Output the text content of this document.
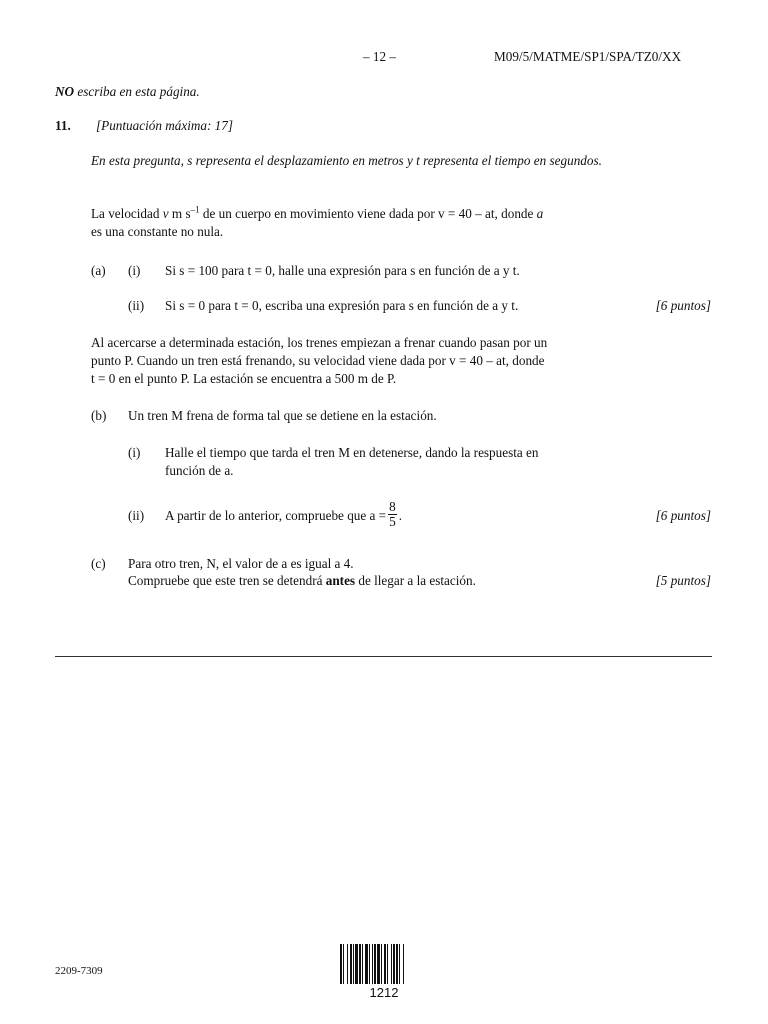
– 12 –	M09/5/MATME/SP1/SPA/TZ0/XX
NO escriba en esta página.
11. [Puntuación máxima: 17]
En esta pregunta, s representa el desplazamiento en metros y t representa el tiempo en segundos.
La velocidad v m $s^{-1}$ de un cuerpo en movimiento viene dada por v = 40 – at, donde a
es una constante no nula.
(a) (i) Si s = 100 para t = 0, halle una expresión para s en función de a y t.
(ii) Si s = 0 para t = 0, escriba una expresión para s en función de a y t.	[6 puntos]
Al acercarse a determinada estación, los trenes empiezan a frenar cuando pasan por un
punto P. Cuando un tren está frenando, su velocidad viene dada por v = 40 – at, donde
t = 0 en el punto P. La estación se encuentra a 500 m de P.
(b) Un tren M frena de forma tal que se detiene en la estación.
(i) Halle el tiempo que tarda el tren M en detenerse, dando la respuesta en
función de a.
(ii) A partir de lo anterior, compruebe que $a = \frac{8}{5}$ .	[6 puntos]
(c) Para otro tren, N, el valor de a es igual a 4.
Compruebe que este tren se detendrá antes de llegar a la estación.	[5 puntos]
2209-7309
1212
